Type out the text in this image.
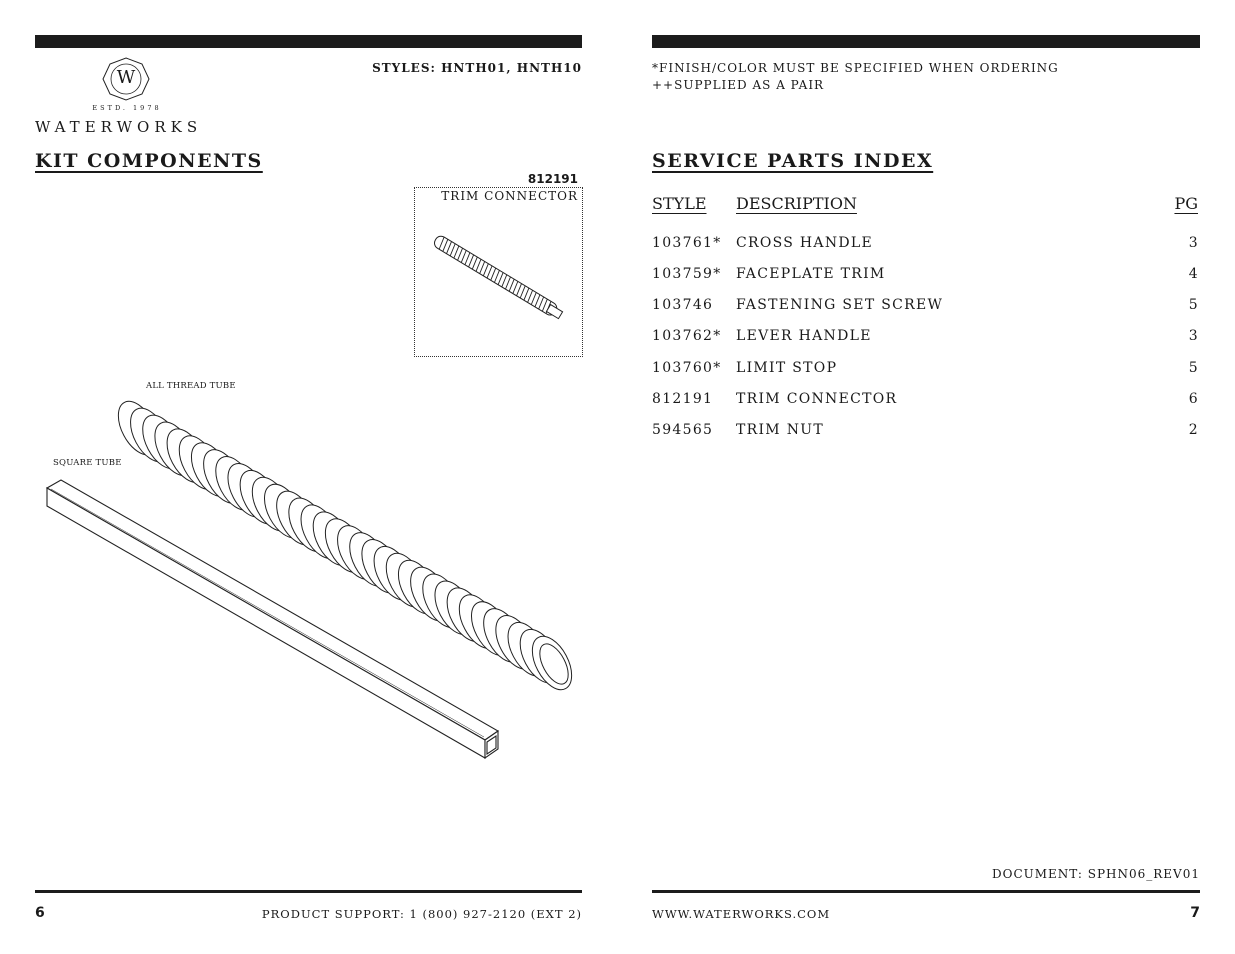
W
ESTD. 1978
WATERWORKS
STYLES: HNTH01, HNTH10
KIT COMPONENTS
812191
TRIM CONNECTOR
ALL THREAD TUBE
SQUARE TUBE
6	PRODUCT SUPPORT: 1 (800) 927-2120 (EXT 2)
*FINISH/COLOR MUST BE SPECIFIED WHEN ORDERING
++SUPPLIED AS A PAIR
SERVICE PARTS INDEX
STYLE DESCRIPTION	PG
103761* CROSS HANDLE	3
103759* FACEPLATE TRIM	4
103746 FASTENING SET SCREW	5
103762* LEVER HANDLE	3
103760* LIMIT STOP	5
812191 TRIM CONNECTOR	6
594565 TRIM NUT	2
DOCUMENT: SPHN06_REV01
WWW.WATERWORKS.COM	7
